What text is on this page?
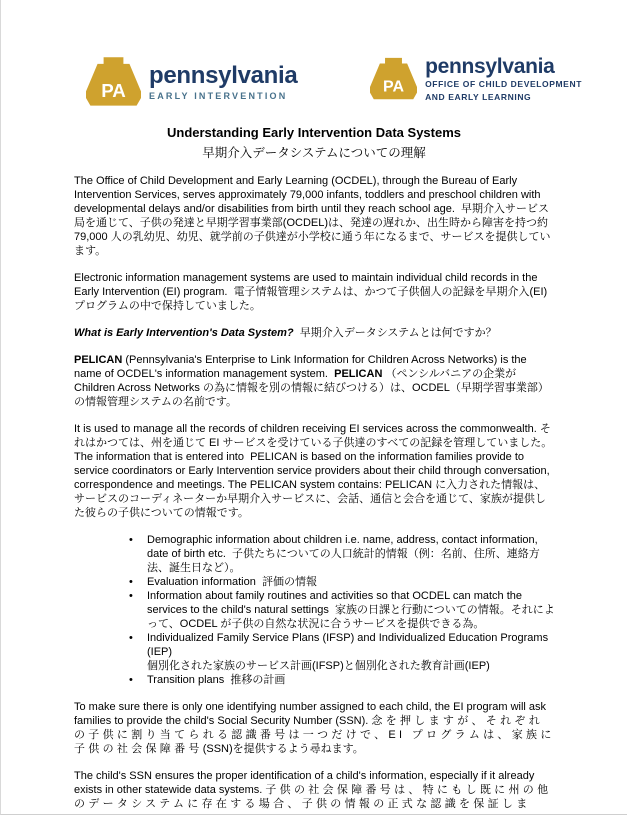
PA
pennsylvania
EARLY INTERVENTION	PA
pennsylvania
OFFICE OF CHILD DEVELOPMENT
AND EARLY LEARNING
Understanding Early Intervention Data Systems
早期介入データシステムについての理解
The Office of Child Development and Early Learning (OCDEL), through the Bureau of Early Intervention Services, serves approximately 79,000 infants, toddlers and preschool children with developmental delays and/or disabilities from birth until they reach school age.  早期介入サービス局を通じて、子供の発達と早期学習事業部(OCDEL)は、発達の遅れか、出生時から障害を持つ約 79,000 人の乳幼児、幼児、就学前の子供達が小学校に通う年になるまで、サービスを提供しています。
Electronic information management systems are used to maintain individual child records in the Early Intervention (EI) program.  電子情報管理システムは、かつて子供個人の記録を早期介入(EI)プログラムの中で保持していました。
What is Early Intervention's Data System?  早期介入データシステムとは何ですか？
PELICAN (Pennsylvania's Enterprise to Link Information for Children Across Networks) is the name of OCDEL's information management system.  PELICAN （ペンシルバニアの企業が Children Across Networks の為に情報を別の情報に結びつける）は、OCDEL（早期学習事業部）の情報管理システムの名前です。
It is used to manage all the records of children receiving EI services across the commonwealth. それはかつては、州を通じて EI サービスを受けている子供達のすべての記録を管理していました。The information that is entered into  PELICAN is based on the information families provide to service coordinators or Early Intervention service providers about their child through conversation, correspondence and meetings. The PELICAN system contains: PELICAN に入力された情報は、サービスのコーディネーターか早期介入サービスに、会話、通信と会合を通じて、家族が提供した彼らの子供についての情報です。
• Demographic information about children i.e. name, address, contact information, date of birth etc.  子供たちについての人口統計的情報（例：名前、住所、連絡方法、誕生日など）。
• Evaluation information  評価の情報
• Information about family routines and activities so that OCDEL can match the services to the child's natural settings  家族の日課と行動についての情報。それによって、OCDEL が子供の自然な状況に合うサービスを提供できる為。
• Individualized Family Service Plans (IFSP) and Individualized Education Programs (IEP)
個別化された家族のサービス計画(IFSP)と個別化された教育計画(IEP)
• Transition plans  推移の計画
To make sure there is only one identifying number assigned to each child, the EI program will ask families to provide the child's Social Security Number (SSN). 念を押しますが、それぞれの子供に割り当てられる認識番号は一つだけで、EI プログラムは、家族に子供の社会保障番号(SSN)を提供するよう尋ねます。
The child's SSN ensures the proper identification of a child's information, especially if it already exists in other statewide data systems. 子供の社会保障番号は、特にもし既に州の他のデータシステムに存在する場合、子供の情報の正式な認識を保証しま
